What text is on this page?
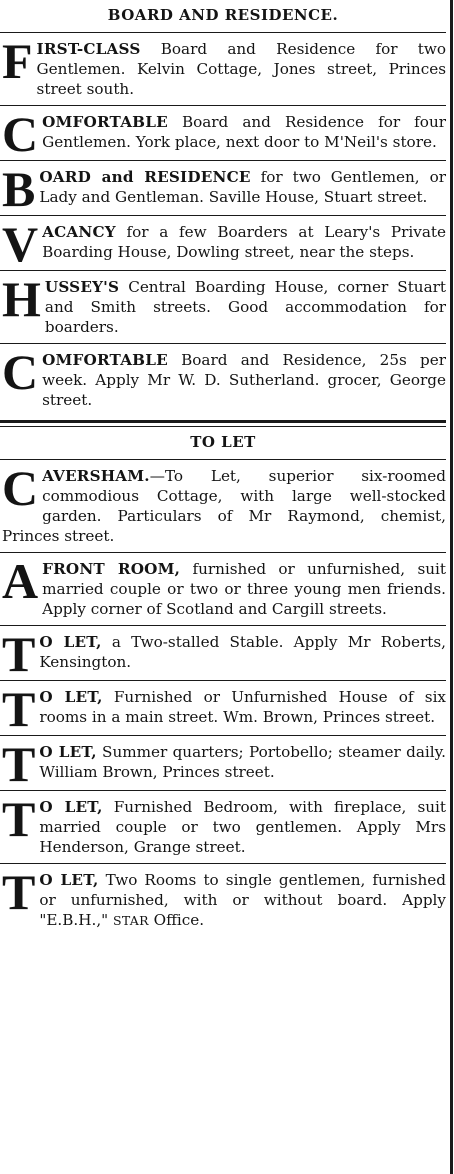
BOARD AND RESIDENCE.
F IRST-CLASS Board and Residence for two Gentlemen. Kelvin Cottage, Jones street, Princes street south.
C OMFORTABLE Board and Residence for four Gentlemen. York place, next door to M'Neil's store.
B OARD and RESIDENCE for two Gentlemen, or Lady and Gentleman. Saville House, Stuart street.
V ACANCY for a few Boarders at Leary's Private Boarding House, Dowling street, near the steps.
H USSEY'S Central Boarding House, corner Stuart and Smith streets. Good accommodation for boarders.
C OMFORTABLE Board and Residence, 25s per week. Apply Mr W. D. Sutherland. grocer, George street.
TO LET
C AVERSHAM.—To Let, superior six-roomed commodious Cottage, with large well-stocked garden. Particulars of Mr Raymond, chemist, Princes street.
A FRONT ROOM, furnished or unfurnished, suit married couple or two or three young men friends. Apply corner of Scotland and Cargill streets.
T O LET, a Two-stalled Stable. Apply Mr Roberts, Kensington.
T O LET, Furnished or Unfurnished House of six rooms in a main street. Wm. Brown, Princes street.
T O LET, Summer quarters; Portobello; steamer daily. William Brown, Princes street.
T O LET, Furnished Bedroom, with fireplace, suit married couple or two gentlemen. Apply Mrs Henderson, Grange street.
T O LET, Two Rooms to single gentlemen, furnished or unfurnished, with or without board. Apply "E.B.H.," STAR Office.
